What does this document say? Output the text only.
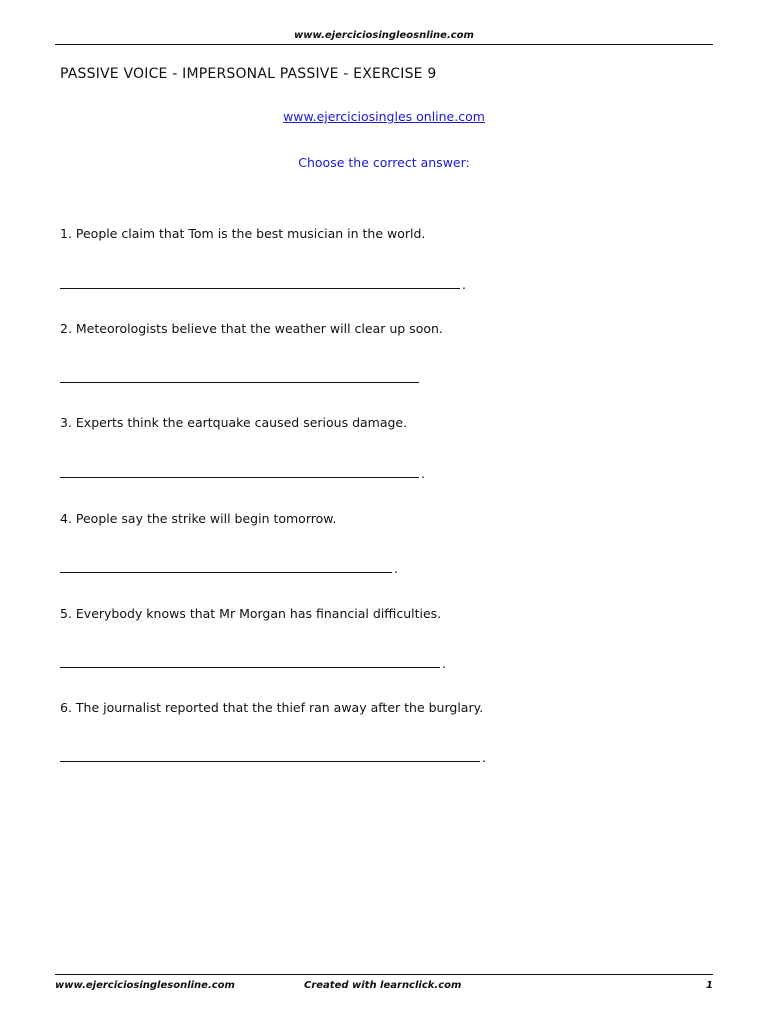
www.ejerciciosingleosnline.com
PASSIVE VOICE - IMPERSONAL PASSIVE - EXERCISE 9
www.ejerciciosingles online.com
Choose the correct answer:
1. People claim that Tom is the best musician in the world.
.
2. Meteorologists believe that the weather will clear up soon.
3. Experts think the eartquake caused serious damage.
.
4. People say the strike will begin tomorrow.
.
5. Everybody knows that Mr Morgan has financial difficulties.
.
6. The journalist reported that the thief ran away after the burglary.
.
www.ejerciciosinglesonline.com	Created with learnclick.com	1
